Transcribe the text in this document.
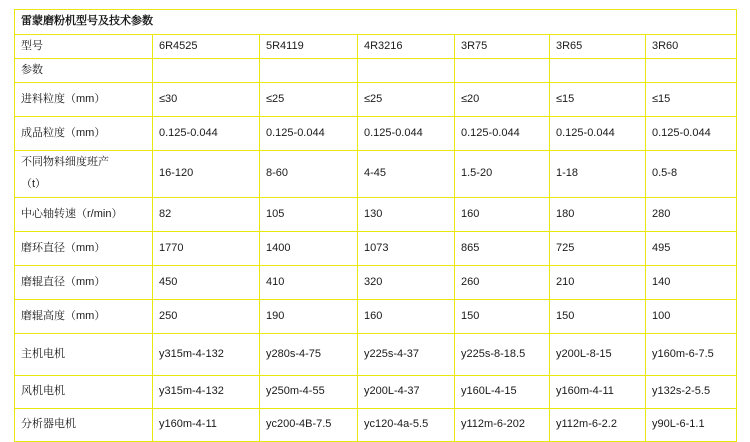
雷蒙磨粉机型号及技术参数						
型号	6R4525	5R4119	4R3216	3R75	3R65	3R60
参数						
进料粒度（mm）	≤30	≤25	≤25	≤20	≤15	≤15
成品粒度（mm）	0.125-0.044	0.125-0.044	0.125-0.044	0.125-0.044	0.125-0.044	0.125-0.044

不同物料细度班产
（t）	16-120	8-60	4-45	1.5-20	1-18	0.5-8
中心轴转速（r/min）	82	105	130	160	180	280
磨环直径（mm）	1770	1400	1073	865	725	495
磨辊直径（mm）	450	410	320	260	210	140
磨辊高度（mm）	250	190	160	150	150	100
主机电机	y315m-4-132	y280s-4-75	y225s-4-37	y225s-8-18.5	y200L-8-15	y160m-6-7.5
风机电机	y315m-4-132	y250m-4-55	y200L-4-37	y160L-4-15	y160m-4-11	y132s-2-5.5
分析器电机	y160m-4-11	yc200-4B-7.5	yc120-4a-5.5	y112m-6-202	y112m-6-2.2	y90L-6-1.1
